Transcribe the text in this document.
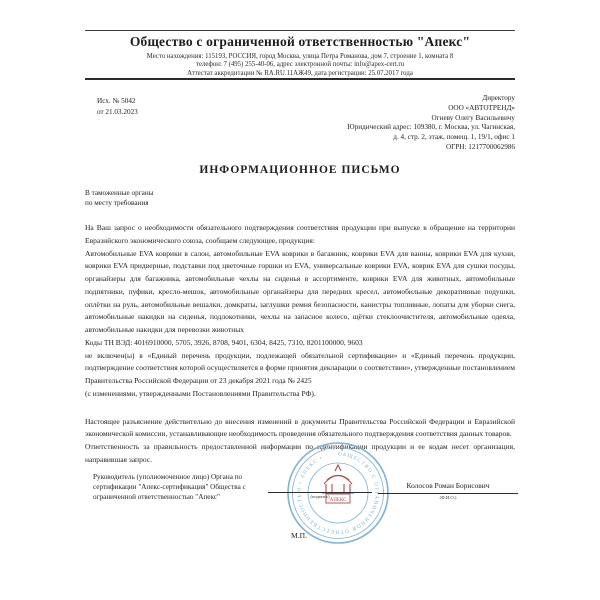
Общество с ограниченной ответственностью "Апекс"
Место нахождения: 115193, РОССИЯ, город Москва, улица Петра Романова, дом 7, строение 1, комната 8
телефон: 7 (495) 255-40-06, адрес электронной почты: info@apex-cert.ru
Аттестат аккредитации № RA.RU.11АЖ49, дата регистрации: 25.07.2017 года
Исх. № 5042
от 21.03.2023
Директору
ООО «АВТОТРЕНД»
Огневу Олегу Васильевичу
Юридический адрес: 109380, г. Москва, ул. Чагинская,
д. 4, стр. 2, этаж, помещ. 1, 19/1, офис 1
ОГРН: 1217700062986
ИНФОРМАЦИОННОЕ ПИСЬМО
В таможенные органы
по месту требования

На Ваш запрос о необходимости обязательного подтверждения соответствия продукции при выпуске в обращение на территории Евразийского экономического союза, сообщаем следующее, продукция:

Автомобильные EVA коврики в салон, автомобильные EVA коврики в багажник, коврики EVA для ванны, коврики EVA для кухни, коврики EVA придверные, подставки под цветочные горшки из EVA, универсальные коврики EVA, коврик EVA для сушки посуды, органайзеры для багажника, автомобильные чехлы на сиденья в ассортименте, коврики EVA для животных, автомобильные подпятники, пуфики, кресло-мешок, автомобильные органайзеры для передних кресел, автомобильные декоративные подушки, оплётки на руль, автомобильные вешалки, домкраты, заглушки ремня безопасности, канистры топливные, лопаты для уборки снега, автомобильные накидки на сиденья, подлокотники, чехлы на запасное колесо, щётки стеклоочистителя, автомобильные одеяла, автомобильные накидки для перевозки животных

Коды ТН ВЭД: 4016910000, 5705, 3926, 8708, 9401, 6304, 8425, 7310, 8201100000, 9603

не включен(ы) в «Единый перечень продукции, подлежащей обязательной сертификации» и «Единый перечень продукции, подтверждение соответствия которой осуществляется в форме принятия декларации о соответствии», утвержденные постановлением Правительства Российской Федерации от 23 декабря 2021 года № 2425

(с изменениями, утвержденными Постановлениями Правительства РФ).

Настоящее разъяснение действительно до внесения изменений в документы Правительства Российской Федерации и Евразийской экономической комиссии, устанавливающие необходимость проведения обязательного подтверждения соответствия данных товаров.

Ответственность за правильность предоставленной информации по идентификации продукции и ее кодам несет организация, направившая запрос.

Руководитель (уполномоченное лицо) Органа по сертификации "Апекс-сертификация" Общества с ограниченной ответственностью "Апекс"
ОБЩЕСТВО С ОГРАНИЧЕННОЙ ОТВЕТСТВЕННОСТЬЮ • АПЕКС •
АПЕКС
(подпись)
Колосов Роман Борисович
(Ф.И.О.)
М.П.
